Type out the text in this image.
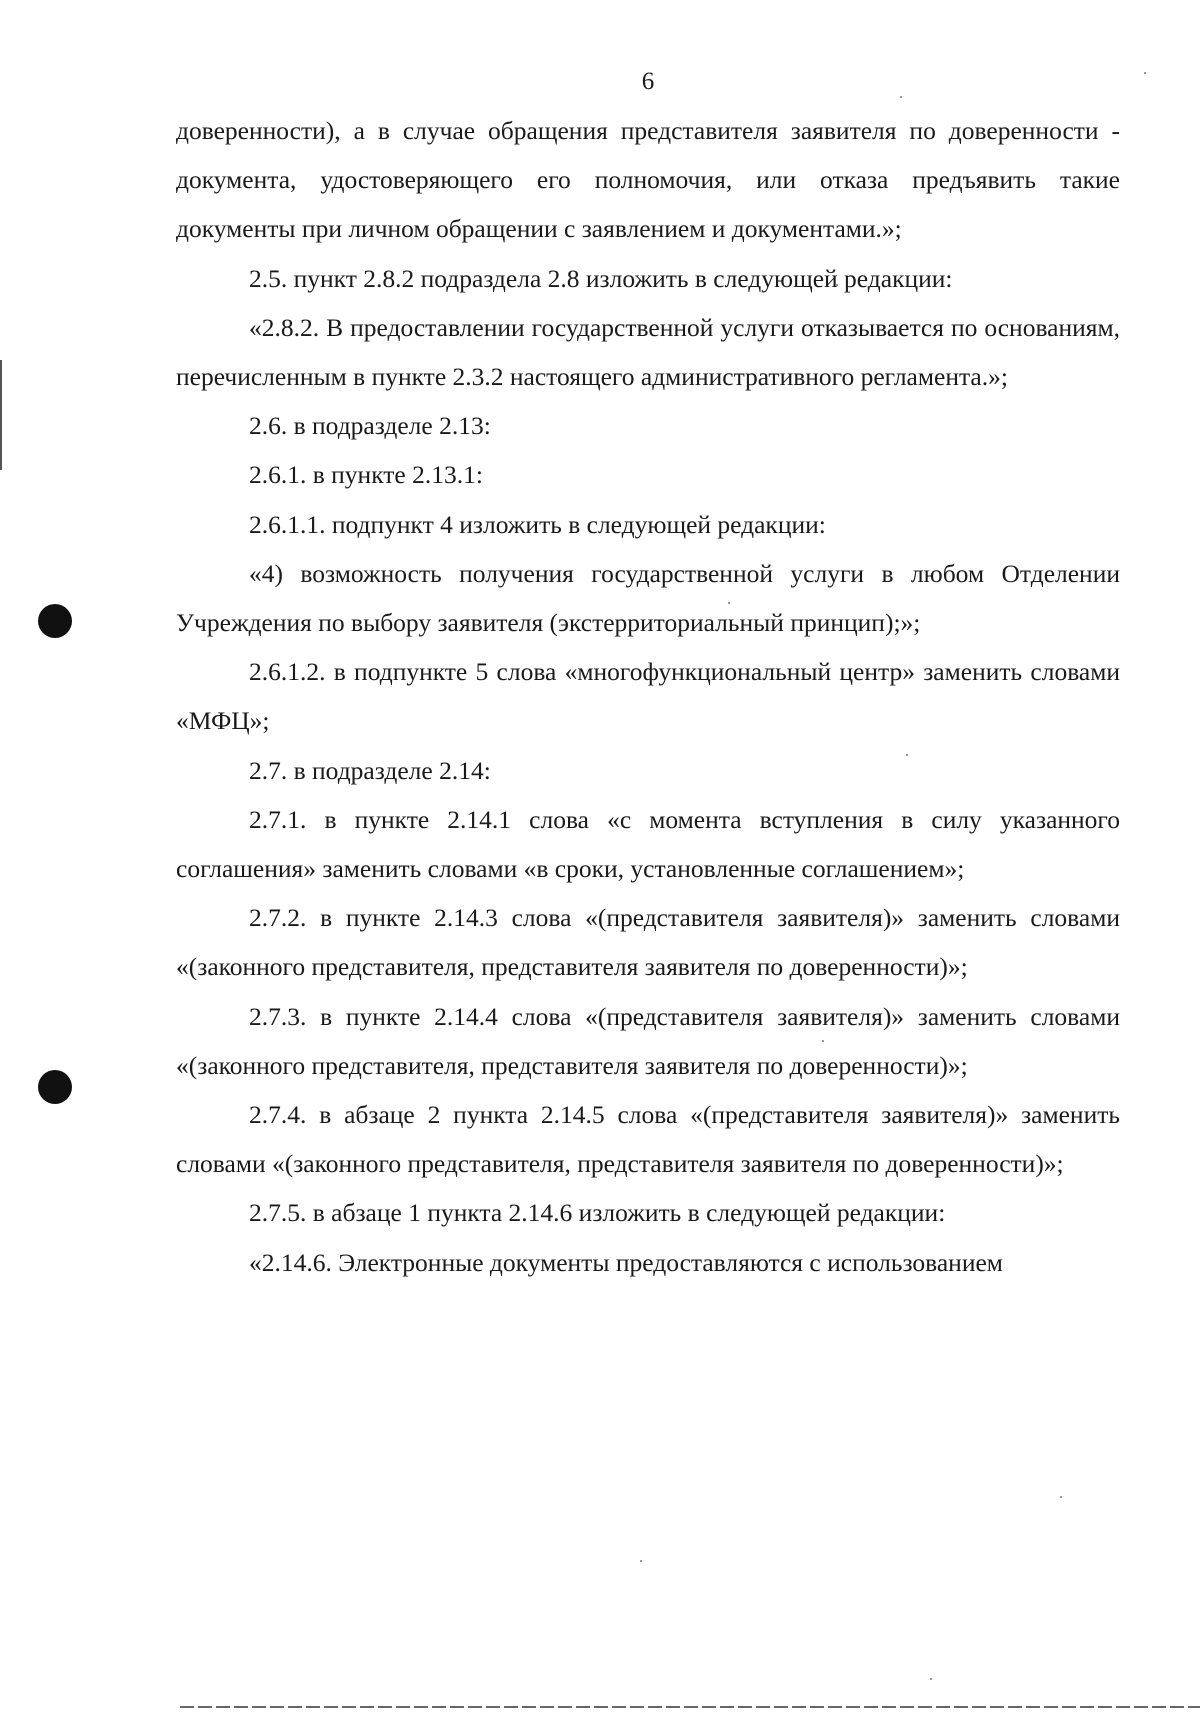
6

доверенности), а в случае обращения представителя заявителя по доверенности - документа, удостоверяющего его полномочия, или отказа предъявить такие документы при личном обращении с заявлением и документами.»;

2.5. пункт 2.8.2 подраздела 2.8 изложить в следующей редакции:

«2.8.2. В предоставлении государственной услуги отказывается по основаниям, перечисленным в пункте 2.3.2 настоящего административного регламента.»;

2.6. в подразделе 2.13:

2.6.1. в пункте 2.13.1:

2.6.1.1. подпункт 4 изложить в следующей редакции:

«4) возможность получения государственной услуги в любом Отделении Учреждения по выбору заявителя (экстерриториальный принцип);»;

2.6.1.2. в подпункте 5 слова «многофункциональный центр» заменить словами «МФЦ»;

2.7. в подразделе 2.14:

2.7.1. в пункте 2.14.1 слова «с момента вступления в силу указанного соглашения» заменить словами «в сроки, установленные соглашением»;

2.7.2. в пункте 2.14.3 слова «(представителя заявителя)» заменить словами «(законного представителя, представителя заявителя по доверенности)»;

2.7.3. в пункте 2.14.4 слова «(представителя заявителя)» заменить словами «(законного представителя, представителя заявителя по доверенности)»;

2.7.4. в абзаце 2 пункта 2.14.5 слова «(представителя заявителя)» заменить словами «(законного представителя, представителя заявителя по доверенности)»;

2.7.5. в абзаце 1 пункта 2.14.6 изложить в следующей редакции:

«2.14.6. Электронные документы предоставляются с использованием
